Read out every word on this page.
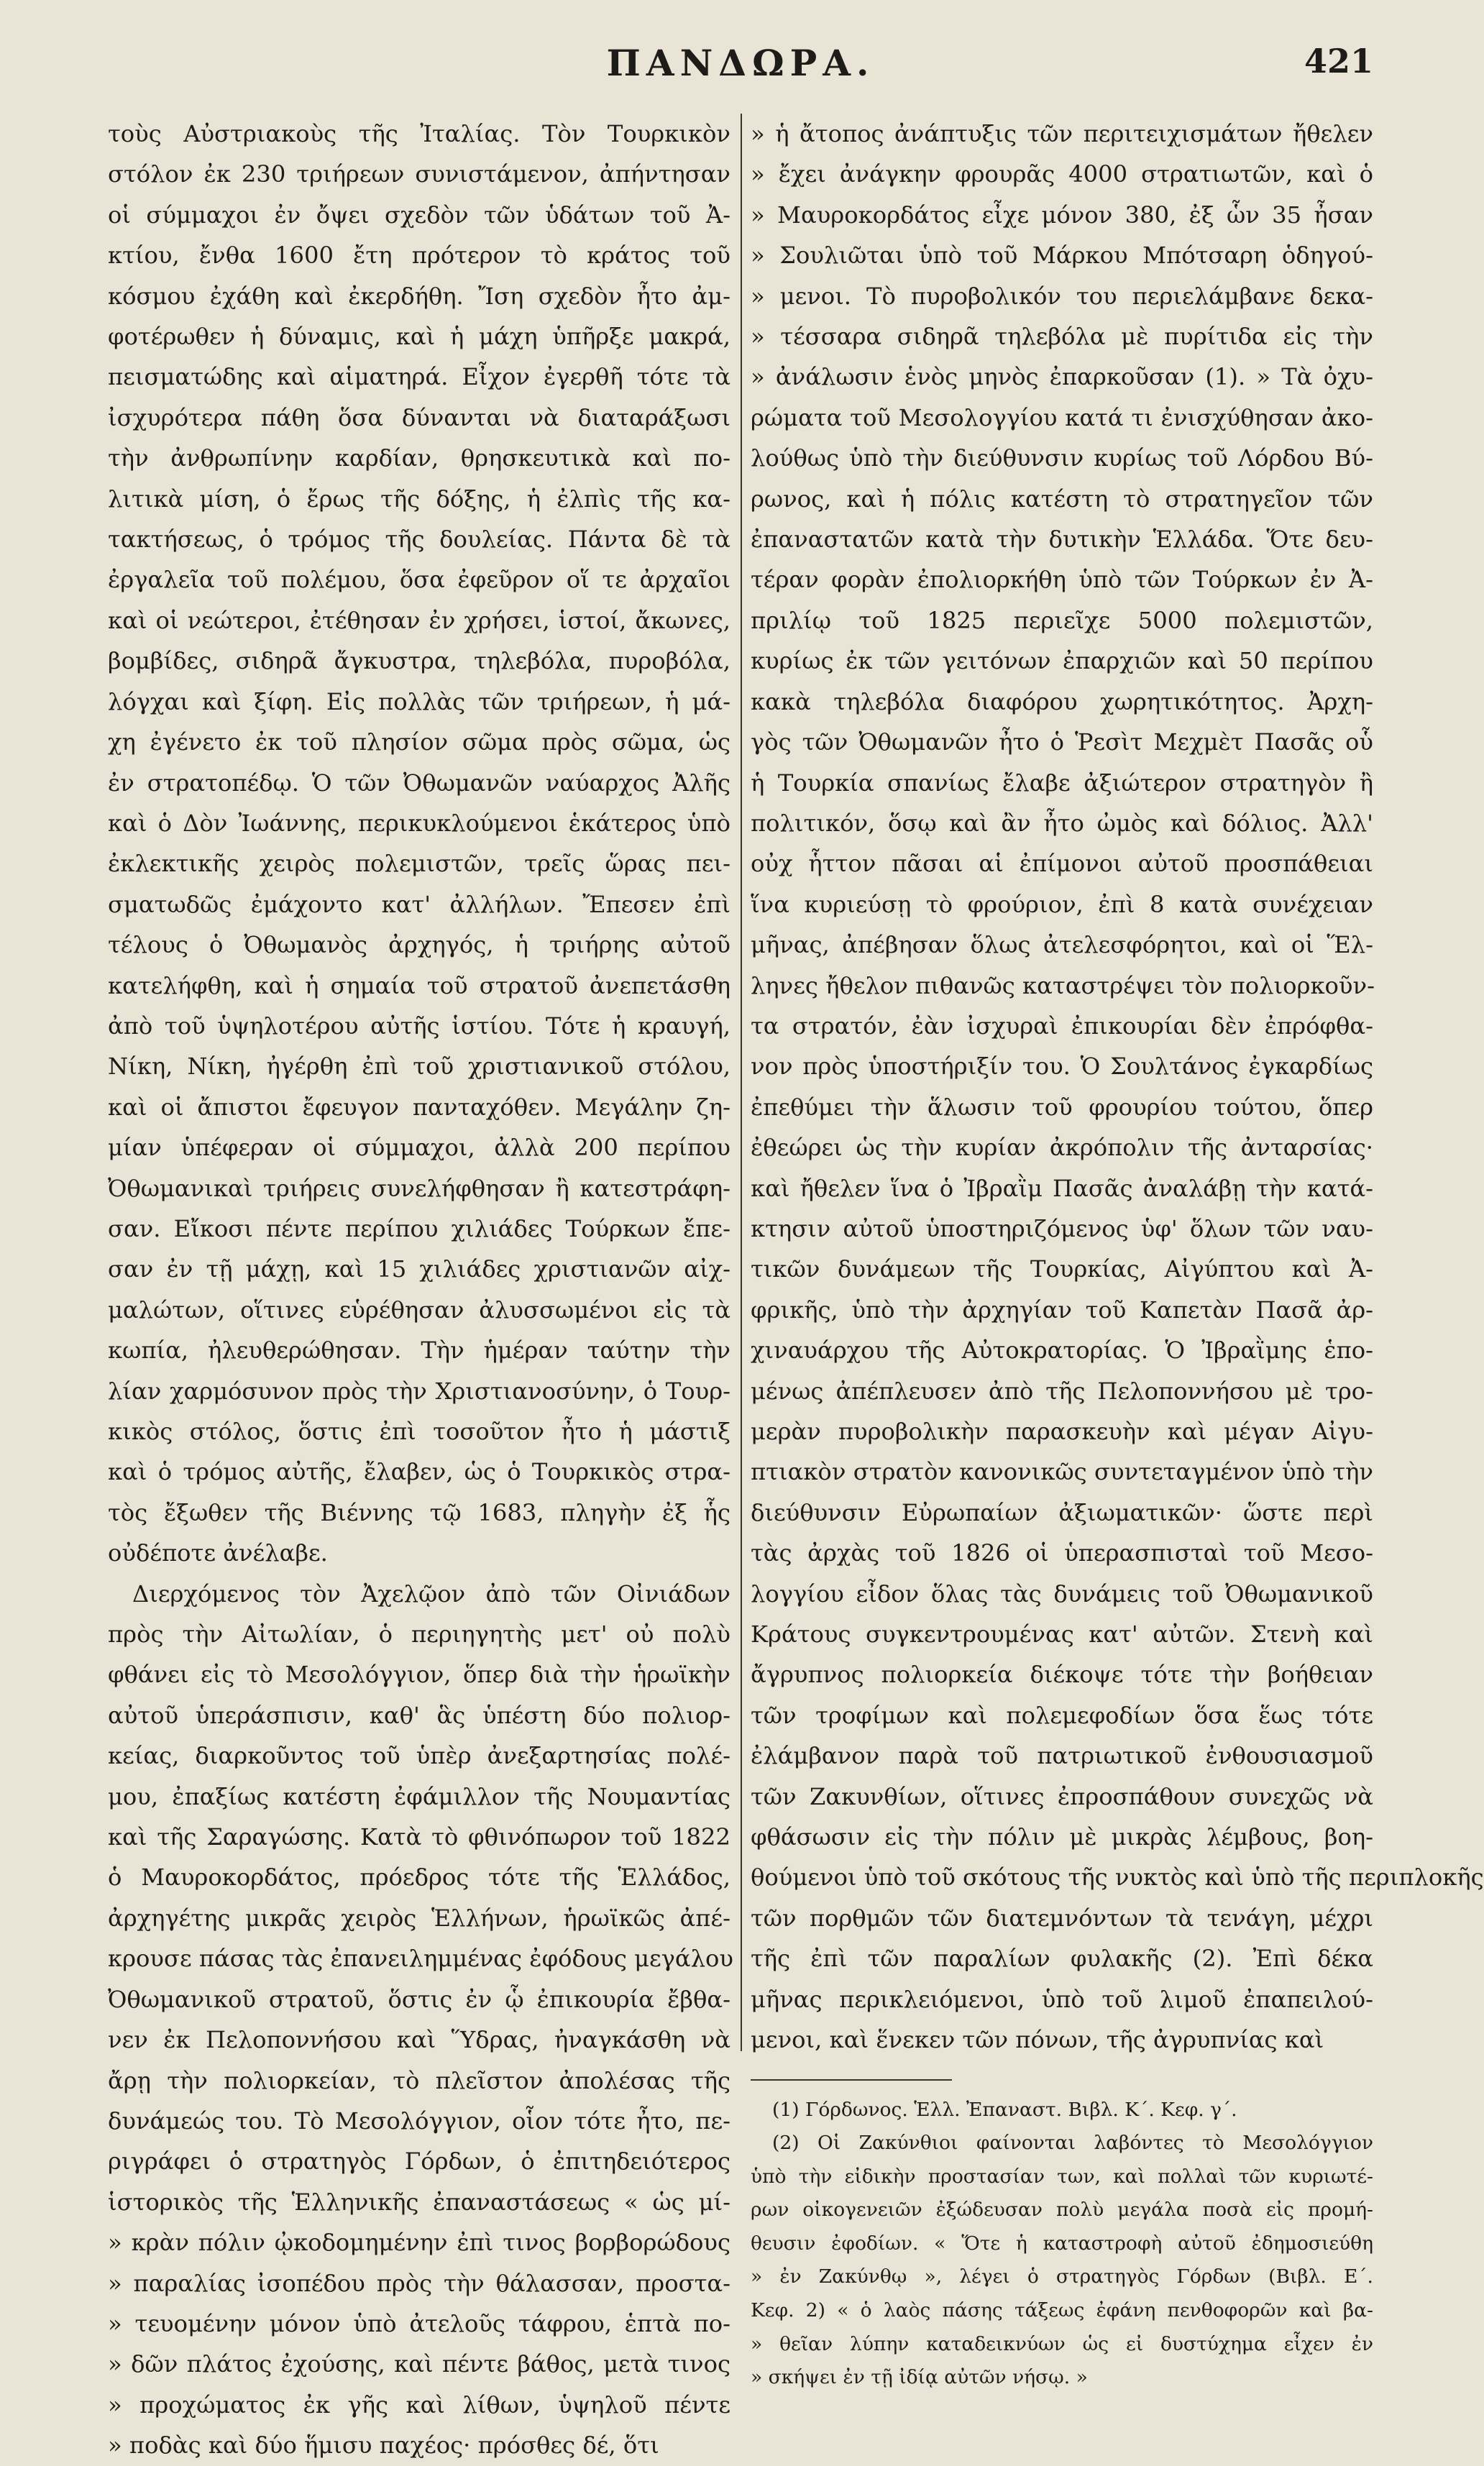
ΠΑΝΔΩΡΑ.	421
τοὺς Αὐστριακοὺς τῆς Ἰταλίας. Τὸν Τουρκικὸν
στόλον ἐκ 230 τριήρεων συνιστάμενον, ἀπήντησαν
οἱ σύμμαχοι ἐν ὄψει σχεδὸν τῶν ὑδάτων τοῦ Ἀ-
κτίου, ἔνθα 1600 ἔτη πρότερον τὸ κράτος τοῦ
κόσμου ἐχάθη καὶ ἐκερδήθη. Ἴση σχεδὸν ἦτο ἀμ-
φοτέρωθεν ἡ δύναμις, καὶ ἡ μάχη ὑπῆρξε μακρά,
πεισματώδης καὶ αἱματηρά. Εἶχον ἐγερθῆ τότε τὰ
ἰσχυρότερα πάθη ὅσα δύνανται νὰ διαταράξωσι
τὴν ἀνθρωπίνην καρδίαν, θρησκευτικὰ καὶ πο-
λιτικὰ μίση, ὁ ἔρως τῆς δόξης, ἡ ἐλπὶς τῆς κα-
τακτήσεως, ὁ τρόμος τῆς δουλείας. Πάντα δὲ τὰ
ἐργαλεῖα τοῦ πολέμου, ὅσα ἐφεῦρον οἵ τε ἀρχαῖοι
καὶ οἱ νεώτεροι, ἐτέθησαν ἐν χρήσει, ἱστοί, ἄκωνες,
βομβίδες, σιδηρᾶ ἄγκυστρα, τηλεβόλα, πυροβόλα,
λόγχαι καὶ ξίφη. Εἰς πολλὰς τῶν τριήρεων, ἡ μά-
χη ἐγένετο ἐκ τοῦ πλησίον σῶμα πρὸς σῶμα, ὡς
ἐν στρατοπέδῳ. Ὁ τῶν Ὀθωμανῶν ναύαρχος Ἀλῆς
καὶ ὁ Δὸν Ἰωάννης, περικυκλούμενοι ἑκάτερος ὑπὸ
ἐκλεκτικῆς χειρὸς πολεμιστῶν, τρεῖς ὥρας πει-
σματωδῶς ἐμάχοντο κατ' ἀλλήλων. Ἔπεσεν ἐπὶ
τέλους ὁ Ὀθωμανὸς ἀρχηγός, ἡ τριήρης αὐτοῦ
κατελήφθη, καὶ ἡ σημαία τοῦ στρατοῦ ἀνεπετάσθη
ἀπὸ τοῦ ὑψηλοτέρου αὐτῆς ἱστίου. Τότε ἡ κραυγή,
Νίκη, Νίκη, ἠγέρθη ἐπὶ τοῦ χριστιανικοῦ στόλου,
καὶ οἱ ἄπιστοι ἔφευγον πανταχόθεν. Μεγάλην ζη-
μίαν ὑπέφεραν οἱ σύμμαχοι, ἀλλὰ 200 περίπου
Ὀθωμανικαὶ τριήρεις συνελήφθησαν ἢ κατεστράφη-
σαν. Εἴκοσι πέντε περίπου χιλιάδες Τούρκων ἔπε-
σαν ἐν τῇ μάχῃ, καὶ 15 χιλιάδες χριστιανῶν αἰχ-
μαλώτων, οἵτινες εὑρέθησαν ἀλυσσωμένοι εἰς τὰ
κωπία, ἠλευθερώθησαν. Τὴν ἡμέραν ταύτην τὴν
λίαν χαρμόσυνον πρὸς τὴν Χριστιανοσύνην, ὁ Τουρ-
κικὸς στόλος, ὅστις ἐπὶ τοσοῦτον ἦτο ἡ μάστιξ
καὶ ὁ τρόμος αὐτῆς, ἔλαβεν, ὡς ὁ Τουρκικὸς στρα-
τὸς ἔξωθεν τῆς Βιέννης τῷ 1683, πληγὴν ἐξ ἧς
οὐδέποτε ἀνέλαβε.
Διερχόμενος τὸν Ἀχελῷον ἀπὸ τῶν Οἰνιάδων
πρὸς τὴν Αἰτωλίαν, ὁ περιηγητὴς μετ' οὐ πολὺ
φθάνει εἰς τὸ Μεσολόγγιον, ὅπερ διὰ τὴν ἡρωϊκὴν
αὐτοῦ ὑπεράσπισιν, καθ' ἃς ὑπέστη δύο πολιορ-
κείας, διαρκοῦντος τοῦ ὑπὲρ ἀνεξαρτησίας πολέ-
μου, ἐπαξίως κατέστη ἐφάμιλλον τῆς Νουμαντίας
καὶ τῆς Σαραγώσης. Κατὰ τὸ φθινόπωρον τοῦ 1822
ὁ Μαυροκορδάτος, πρόεδρος τότε τῆς Ἑλλάδος,
ἀρχηγέτης μικρᾶς χειρὸς Ἑλλήνων, ἡρωϊκῶς ἀπέ-
κρουσε πάσας τὰς ἐπανειλημμένας ἐφόδους μεγάλου
Ὀθωμανικοῦ στρατοῦ, ὅστις ἐν ᾧ ἐπικουρία ἔβθα-
νεν ἐκ Πελοποννήσου καὶ Ὕδρας, ἠναγκάσθη νὰ
ἄρῃ τὴν πολιορκείαν, τὸ πλεῖστον ἀπολέσας τῆς
δυνάμεώς του. Τὸ Μεσολόγγιον, οἷον τότε ἦτο, πε-
ριγράφει ὁ στρατηγὸς Γόρδων, ὁ ἐπιτηδειότερος
ἱστορικὸς τῆς Ἑλληνικῆς ἐπαναστάσεως « ὡς μί-
» κρὰν πόλιν ᾠκοδομημένην ἐπὶ τινος βορβορώδους
» παραλίας ἰσοπέδου πρὸς τὴν θάλασσαν, προστα-
» τευομένην μόνον ὑπὸ ἀτελοῦς τάφρου, ἑπτὰ πο-
» δῶν πλάτος ἐχούσης, καὶ πέντε βάθος, μετὰ τινος
» προχώματος ἐκ γῆς καὶ λίθων, ὑψηλοῦ πέντε
» ποδὰς καὶ δύο ἥμισυ παχέος· πρόσθες δέ, ὅτι
» ἡ ἄτοπος ἀνάπτυξις τῶν περιτειχισμάτων ἤθελεν
» ἔχει ἀνάγκην φρουρᾶς 4000 στρατιωτῶν, καὶ ὁ
» Μαυροκορδάτος εἶχε μόνον 380, ἐξ ὧν 35 ἦσαν
» Σουλιῶται ὑπὸ τοῦ Μάρκου Μπότσαρη ὁδηγού-
» μενοι. Τὸ πυροβολικόν του περιελάμβανε δεκα-
» τέσσαρα σιδηρᾶ τηλεβόλα μὲ πυρίτιδα εἰς τὴν
» ἀνάλωσιν ἑνὸς μηνὸς ἐπαρκοῦσαν (1). » Τὰ ὀχυ-
ρώματα τοῦ Μεσολογγίου κατά τι ἐνισχύθησαν ἀκο-
λούθως ὑπὸ τὴν διεύθυνσιν κυρίως τοῦ Λόρδου Βύ-
ρωνος, καὶ ἡ πόλις κατέστη τὸ στρατηγεῖον τῶν
ἐπαναστατῶν κατὰ τὴν δυτικὴν Ἑλλάδα. Ὅτε δευ-
τέραν φορὰν ἐπολιορκήθη ὑπὸ τῶν Τούρκων ἐν Ἀ-
πριλίῳ τοῦ 1825 περιεῖχε 5000 πολεμιστῶν,
κυρίως ἐκ τῶν γειτόνων ἐπαρχιῶν καὶ 50 περίπου
κακὰ τηλεβόλα διαφόρου χωρητικότητος. Ἀρχη-
γὸς τῶν Ὀθωμανῶν ἦτο ὁ Ῥεσὶτ Μεχμὲτ Πασᾶς οὗ
ἡ Τουρκία σπανίως ἔλαβε ἀξιώτερον στρατηγὸν ἢ
πολιτικόν, ὅσῳ καὶ ἂν ἦτο ὠμὸς καὶ δόλιος. Ἀλλ'
οὐχ ἧττον πᾶσαι αἱ ἐπίμονοι αὐτοῦ προσπάθειαι
ἵνα κυριεύσῃ τὸ φρούριον, ἐπὶ 8 κατὰ συνέχειαν
μῆνας, ἀπέβησαν ὅλως ἀτελεσφόρητοι, καὶ οἱ Ἕλ-
ληνες ἤθελον πιθανῶς καταστρέψει τὸν πολιορκοῦν-
τα στρατόν, ἐὰν ἰσχυραὶ ἐπικουρίαι δὲν ἐπρόφθα-
νον πρὸς ὑποστήριξίν του. Ὁ Σουλτάνος ἐγκαρδίως
ἐπεθύμει τὴν ἅλωσιν τοῦ φρουρίου τούτου, ὅπερ
ἐθεώρει ὡς τὴν κυρίαν ἀκρόπολιν τῆς ἀνταρσίας·
καὶ ἤθελεν ἵνα ὁ Ἰβραῒμ Πασᾶς ἀναλάβῃ τὴν κατά-
κτησιν αὐτοῦ ὑποστηριζόμενος ὑφ' ὅλων τῶν ναυ-
τικῶν δυνάμεων τῆς Τουρκίας, Αἰγύπτου καὶ Ἀ-
φρικῆς, ὑπὸ τὴν ἀρχηγίαν τοῦ Καπετὰν Πασᾶ ἀρ-
χιναυάρχου τῆς Αὐτοκρατορίας. Ὁ Ἰβραῒμης ἑπο-
μένως ἀπέπλευσεν ἀπὸ τῆς Πελοποννήσου μὲ τρο-
μερὰν πυροβολικὴν παρασκευὴν καὶ μέγαν Αἰγυ-
πτιακὸν στρατὸν κανονικῶς συντεταγμένον ὑπὸ τὴν
διεύθυνσιν Εὐρωπαίων ἀξιωματικῶν· ὥστε περὶ
τὰς ἀρχὰς τοῦ 1826 οἱ ὑπερασπισταὶ τοῦ Μεσο-
λογγίου εἶδον ὅλας τὰς δυνάμεις τοῦ Ὀθωμανικοῦ
Κράτους συγκεντρουμένας κατ' αὐτῶν. Στενὴ καὶ
ἄγρυπνος πολιορκεία διέκοψε τότε τὴν βοήθειαν
τῶν τροφίμων καὶ πολεμεφοδίων ὅσα ἕως τότε
ἐλάμβανον παρὰ τοῦ πατριωτικοῦ ἐνθουσιασμοῦ
τῶν Ζακυνθίων, οἵτινες ἐπροσπάθουν συνεχῶς νὰ
φθάσωσιν εἰς τὴν πόλιν μὲ μικρὰς λέμβους, βοη-
θούμενοι ὑπὸ τοῦ σκότους τῆς νυκτὸς καὶ ὑπὸ τῆς περιπλοκῆς
τῶν πορθμῶν τῶν διατεμνόντων τὰ τενάγη, μέχρι
τῆς ἐπὶ τῶν παραλίων φυλακῆς (2). Ἐπὶ δέκα
μῆνας περικλειόμενοι, ὑπὸ τοῦ λιμοῦ ἐπαπειλού-
μενοι, καὶ ἕνεκεν τῶν πόνων, τῆς ἀγρυπνίας καὶ
(1) Γόρδωνος. Ἑλλ. Ἐπαναστ. Βιβλ. Κ΄. Κεφ. γ΄.
(2) Οἱ Ζακύνθιοι φαίνονται λαβόντες τὸ Μεσολόγγιον
ὑπὸ τὴν εἰδικὴν προστασίαν των, καὶ πολλαὶ τῶν κυριωτέ-
ρων οἰκογενειῶν ἐξώδευσαν πολὺ μεγάλα ποσὰ εἰς προμή-
θευσιν ἐφοδίων. « Ὅτε ἡ καταστροφὴ αὐτοῦ ἐδημοσιεύθη
» ἐν Ζακύνθῳ », λέγει ὁ στρατηγὸς Γόρδων (Βιβλ. Ε΄.
Κεφ. 2) « ὁ λαὸς πάσης τάξεως ἐφάνη πενθοφορῶν καὶ βα-
» θεῖαν λύπην καταδεικνύων ὡς εἰ δυστύχημα εἶχεν ἐν
» σκήψει ἐν τῇ ἰδίᾳ αὐτῶν νήσῳ. »
